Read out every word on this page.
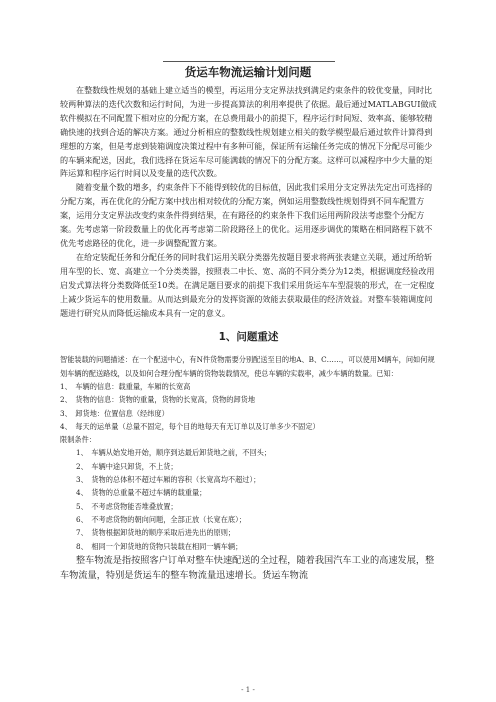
货运车物流运输计划问题

在整数线性规划的基础上建立适当的模型，再运用分支定界法找到满足约束条件的较优变量，同时比较两种算法的迭代次数和运行时间，为进一步提高算法的利用率提供了依据。最后通过MATLABGUI做成软件模拟在不同配置下相对应的分配方案，在总费用最小的前提下，程序运行时间短、效率高、能够较精确快速的找到合适的解决方案。通过分析相应的整数线性规划建立相关的数学模型最后通过软件计算得到理想的方案，但是考虑到装箱调度决策过程中有多种可能，保证所有运输任务完成的情况下分配尽可能少的车辆来配送，因此，我们选择在货运车尽可能满载的情况下的分配方案。这样可以减程序中少大量的矩阵运算和程序运行时间以及变量的迭代次数。

随着变量个数的增多，约束条件下不能得到较优的目标值，因此我们采用分支定界法先定出可选择的分配方案，再在优化的分配方案中找出相对较优的分配方案，例如运用整数线性规划得到不同车配置方案，运用分支定界法改变约束条件得到结果，在有路径的约束条件下我们运用两阶段法考虑整个分配方案。先考虑第一阶段数量上的优化再考虑第二阶段路径上的优化。运用逐步调优的策略在相同路程下就不优先考虑路径的优化，进一步调整配置方案。

在给定装配任务和分配任务的同时我们运用关联分类器先按题目要求将两张表建立关联，通过所给斩用车型的长、宽、高建立一个分类类器，按照表二中长、宽、高的不同分类分为12类，根据调度经验改用启发式算法将分类数降低至10类。在满足题目要求的前提下我们采用货运车车型混装的形式，在一定程度上减少货运车的使用数量。从而达到最充分的发挥资源的效能去获取最佳的经济效益。对整车装箱调度问题进行研究从而降低运输成本具有一定的意义。

1、问题重述

智能装载的问题描述：在一个配送中心，有N件货物需要分别配送至目的地A、B、C……，可以使用M辆车，问如何规划车辆的配送路线，以及如何合理分配车辆的货物装载情况，使总车辆的实载率，减少车辆的数量。已知：

1、　车辆的信息：载重量，车厢的长宽高

2、　货物的信息：货物的重量，货物的长宽高，货物的卸货地

3、　卸货地：位置信息（经纬度）

4、　每天的运单量（总量不固定，每个目的地每天有无订单以及订单多少不固定）

限制条件：

1、　车辆从始发地开始，顺序到达最后卸货地之前，不回头；

2、　车辆中途只卸货，不上货；

3、　货物的总体积不超过车厢的容积（长宽高均不超过）；

4、　货物的总重量不超过车辆的载重量；

5、　不考虑货物能否堆叠放置；

6、　不考虑货物的朝向问题，全部正放（长宽在底）；

7、　货物根据卸货地的顺序采取后进先出的原则；

8、　相同一个卸货地的货物只装载在相同一辆车辆；

整车物流是指按照客户订单对整车快速配送的全过程，随着我国汽车工业的高速发展，整车物流量，特别是货运车的整车物流量迅速增长。货运车物流

- 1 -
